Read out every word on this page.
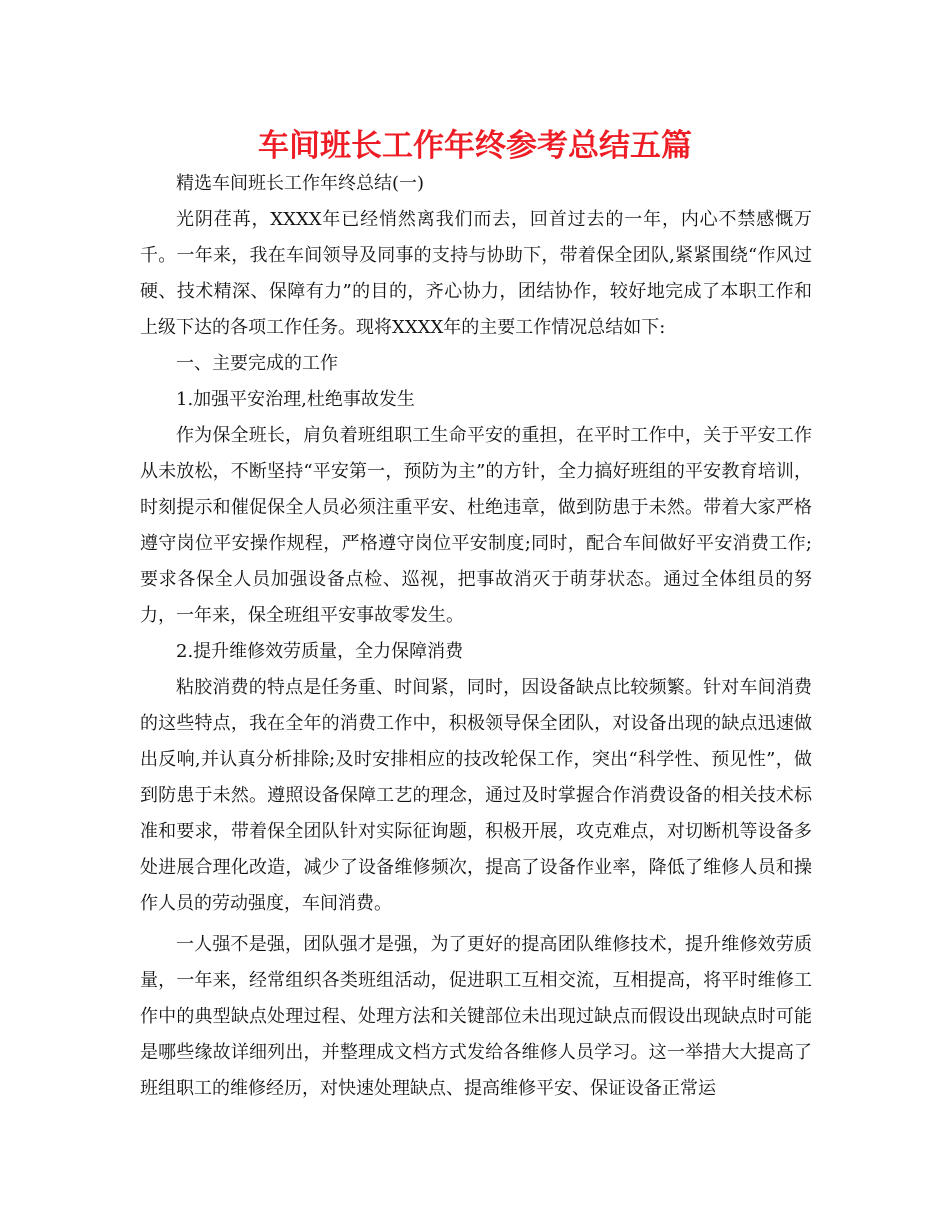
车间班长工作年终参考总结五篇

精选车间班长工作年终总结(一)

光阴荏苒，XXXX年已经悄然离我们而去，回首过去的一年，内心不禁感慨万千。一年来，我在车间领导及同事的支持与协助下，带着保全团队,紧紧围绕“作风过硬、技术精深、保障有力”的目的，齐心协力，团结协作，较好地完成了本职工作和上级下达的各项工作任务。现将XXXX年的主要工作情况总结如下:

一、主要完成的工作

1.加强平安治理,杜绝事故发生

作为保全班长，肩负着班组职工生命平安的重担，在平时工作中，关于平安工作从未放松，不断坚持“平安第一，预防为主”的方针，全力搞好班组的平安教育培训，时刻提示和催促保全人员必须注重平安、杜绝违章，做到防患于未然。带着大家严格遵守岗位平安操作规程，严格遵守岗位平安制度;同时，配合车间做好平安消费工作;要求各保全人员加强设备点检、巡视，把事故消灭于萌芽状态。通过全体组员的努力，一年来，保全班组平安事故零发生。

2.提升维修效劳质量，全力保障消费

粘胶消费的特点是任务重、时间紧，同时，因设备缺点比较频繁。针对车间消费的这些特点，我在全年的消费工作中，积极领导保全团队，对设备出现的缺点迅速做出反响,并认真分析排除;及时安排相应的技改轮保工作，突出“科学性、预见性”，做到防患于未然。遵照设备保障工艺的理念，通过及时掌握合作消费设备的相关技术标准和要求，带着保全团队针对实际征询题，积极开展，攻克难点，对切断机等设备多处进展合理化改造，减少了设备维修频次，提高了设备作业率，降低了维修人员和操作人员的劳动强度，车间消费。

一人强不是强，团队强才是强，为了更好的提高团队维修技术，提升维修效劳质量，一年来，经常组织各类班组活动，促进职工互相交流，互相提高，将平时维修工作中的典型缺点处理过程、处理方法和关键部位未出现过缺点而假设出现缺点时可能是哪些缘故详细列出，并整理成文档方式发给各维修人员学习。这一举措大大提高了班组职工的维修经历，对快速处理缺点、提高维修平安、保证设备正常运
